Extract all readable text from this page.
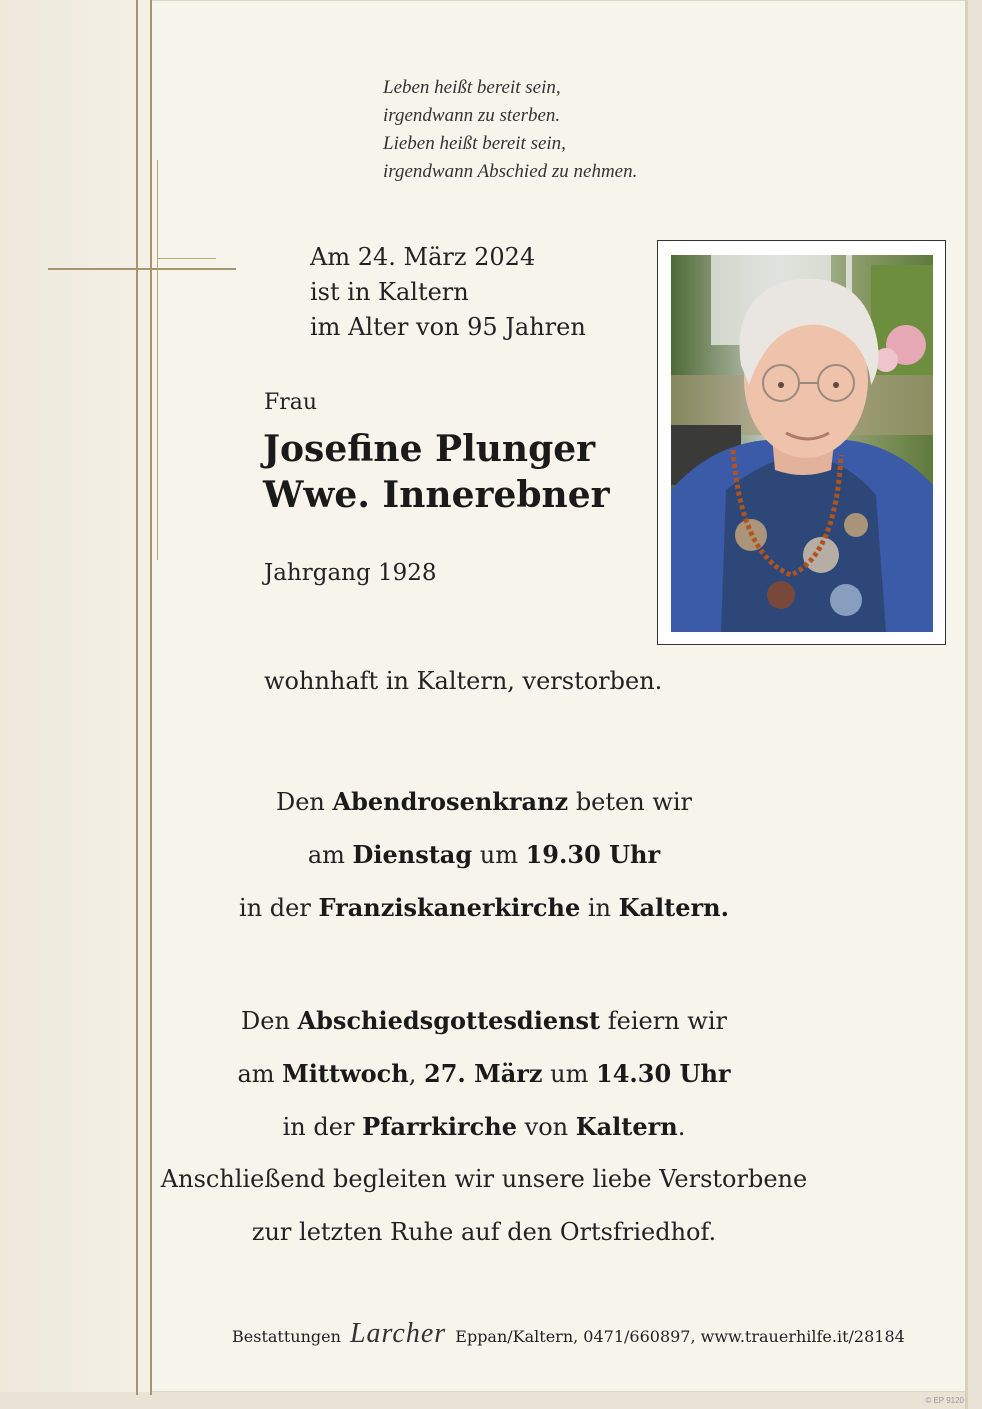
Leben heißt bereit sein,
irgendwann zu sterben.
Lieben heißt bereit sein,
irgendwann Abschied zu nehmen.
Am 24. März 2024
ist in Kaltern
im Alter von 95 Jahren
Frau
Josefine Plunger
Wwe. Innerebner
Jahrgang 1928
wohnhaft in Kaltern, verstorben.
Den Abendrosenkranz beten wir
am Dienstag um 19.30 Uhr
in der Franziskanerkirche in Kaltern.
Den Abschiedsgottesdienst feiern wir
am Mittwoch, 27. März um 14.30 Uhr
in der Pfarrkirche von Kaltern.
Anschließend begleiten wir unsere liebe Verstorbene
zur letzten Ruhe auf den Ortsfriedhof.
Bestattungen Larcher Eppan/Kaltern, 0471/660897, www.trauerhilfe.it/28184
© EP 9120
